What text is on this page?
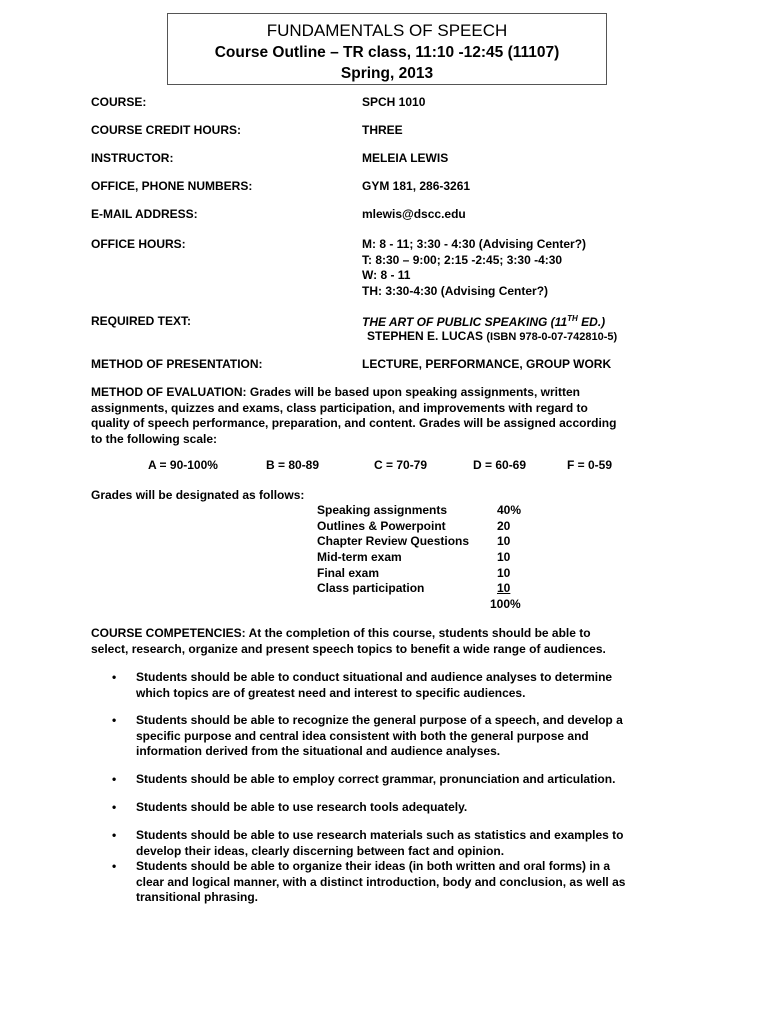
FUNDAMENTALS OF SPEECH
Course Outline – TR class, 11:10 -12:45 (11107)
Spring, 2013
COURSE:	SPCH 1010
COURSE CREDIT HOURS:	THREE
INSTRUCTOR:	MELEIA LEWIS
OFFICE, PHONE NUMBERS:	GYM 181, 286-3261
E-MAIL ADDRESS:	mlewis@dscc.edu
OFFICE HOURS:	M: 8 - 11; 3:30 - 4:30 (Advising Center?)
T: 8:30 – 9:00; 2:15 -2:45; 3:30 -4:30
W: 8 - 11
TH: 3:30-4:30 (Advising Center?)
REQUIRED TEXT:	THE ART OF PUBLIC SPEAKING (11TH ED.)
STEPHEN E. LUCAS (ISBN 978-0-07-742810-5)
METHOD OF PRESENTATION:	LECTURE, PERFORMANCE, GROUP WORK
METHOD OF EVALUATION: Grades will be based upon speaking assignments, written
assignments, quizzes and exams, class participation, and improvements with regard to
quality of speech performance, preparation, and content. Grades will be assigned according
to the following scale:
A = 90-100%	B = 80-89	C = 70-79	D = 60-69	F = 0-59
Grades will be designated as follows:
Speaking assignments	40%
Outlines & Powerpoint	20
Chapter Review Questions 10
Mid-term exam	10
Final exam	10
Class participation	10
100%
COURSE COMPETENCIES: At the completion of this course, students should be able to
select, research, organize and present speech topics to benefit a wide range of audiences.
• Students should be able to conduct situational and audience analyses to determine
which topics are of greatest need and interest to specific audiences.
• Students should be able to recognize the general purpose of a speech, and develop a
specific purpose and central idea consistent with both the general purpose and
information derived from the situational and audience analyses.
• Students should be able to employ correct grammar, pronunciation and articulation.
• Students should be able to use research tools adequately.
• Students should be able to use research materials such as statistics and examples to
develop their ideas, clearly discerning between fact and opinion.
• Students should be able to organize their ideas (in both written and oral forms) in a
clear and logical manner, with a distinct introduction, body and conclusion, as well as
transitional phrasing.
